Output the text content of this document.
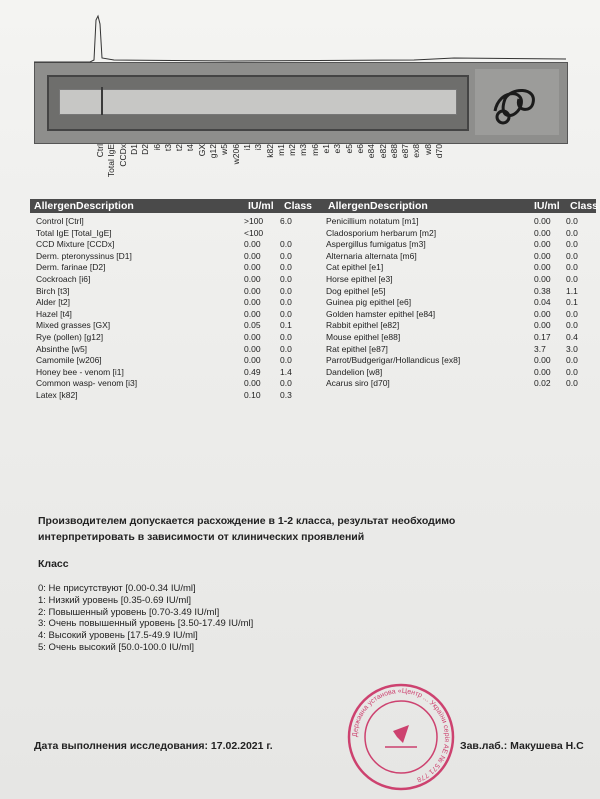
Ctrl Total IgE CCDx D1 D2 i6 t3 t2 t4 GX g12 w5 w206 i1 i3 k82 m1 m2 m3 m6 e1 e3 e5 e6 e84 e82 e88 e87 ex8 w8 d70
AllergenDescription	IU/ml Class AllergenDescription	IU/ml Class
Control [Ctrl]	>100 6.0
Total IgE [Total_IgE]	<100
CCD Mixture [CCDx]	0.00 0.0
Derm. pteronyssinus [D1]	0.00 0.0
Derm. farinae [D2]	0.00 0.0
Cockroach [i6]	0.00 0.0
Birch [t3]	0.00 0.0
Alder [t2]	0.00 0.0
Hazel [t4]	0.00 0.0
Mixed grasses [GX]	0.05 0.1
Rye (pollen) [g12]	0.00 0.0
Absinthe [w5]	0.00 0.0
Camomile [w206]	0.00 0.0
Honey bee - venom [i1]	0.49 1.4
Common wasp- venom [i3]	0.00 0.0
Latex [k82]	0.10 0.3
Penicillium notatum [m1]	0.00 0.0
Cladosporium herbarum [m2]	0.00 0.0
Aspergillus fumigatus [m3]	0.00 0.0
Alternaria alternata [m6]	0.00 0.0
Cat epithel [e1]	0.00 0.0
Horse epithel [e3]	0.00 0.0
Dog epithel [e5]	0.38 1.1
Guinea pig epithel [e6]	0.04 0.1
Golden hamster epithel [e84]	0.00 0.0
Rabbit epithel [e82]	0.00 0.0
Mouse epithel [e88]	0.17 0.4
Rat epithel [e87]	3.7 3.0
Parrot/Budgerigar/Hollandicus [ex8]	0.00 0.0
Dandelion [w8]	0.00 0.0
Acarus siro [d70]	0.02 0.0
Производителем допускается расхождение в 1-2 класса, результат необходимо
интерпретировать в зависимости от клинических проявлений
Класс
0: Не присутствуют [0.00-0.34 IU/ml]
1: Низкий уровень [0.35-0.69 IU/ml]
2: Повышенный уровень [0.70-3.49 IU/ml]
3: Очень повышенный уровень [3.50-17.49 IU/ml]
4: Высокий уровень [17.5-49.9 IU/ml]
5: Очень высокий [50.0-100.0 IU/ml]
Державна установа «Центр ... України серія АЕ № 571 778
Дата выполнения исследования: 17.02.2021 г.	Зав.лаб.: Макушева Н.С
